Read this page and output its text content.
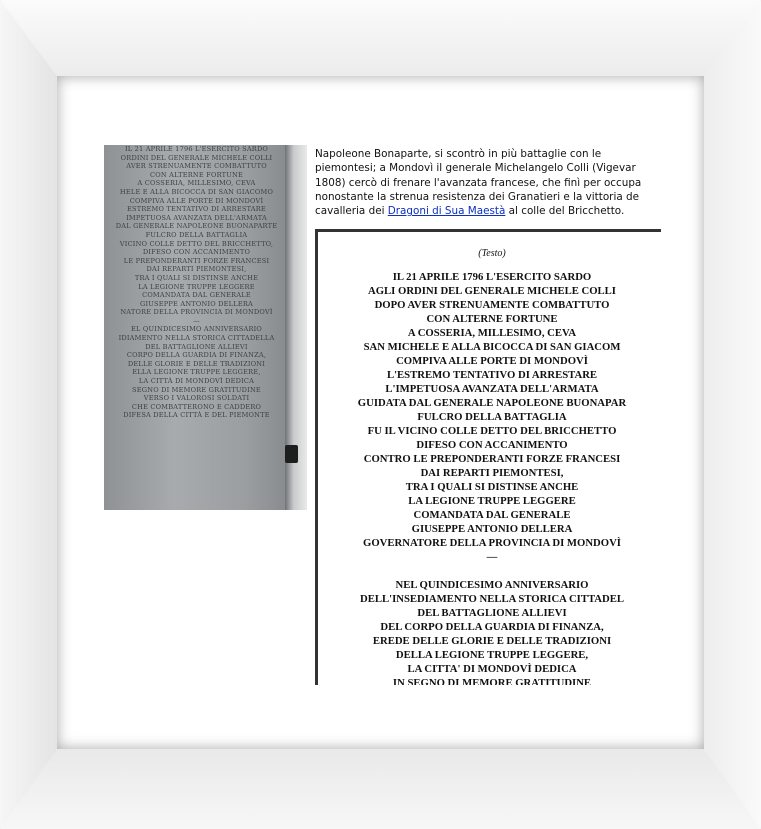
IL 21 APRILE 1796 L'ESERCITO SARDO
ORDINI DEL GENERALE MICHELE COLLI
AVER STRENUAMENTE COMBATTUTO
CON ALTERNE FORTUNE
A COSSERIA, MILLESIMO, CEVA
HELE E ALLA BICOCCA DI SAN GIACOMO
COMPIVA ALLE PORTE DI MONDOVÌ
ESTREMO TENTATIVO DI ARRESTARE
IMPETUOSA AVANZATA DELL'ARMATA
DAL GENERALE NAPOLEONE BUONAPARTE
FULCRO DELLA BATTAGLIA
VICINO COLLE DETTO DEL BRICCHETTO,
DIFESO CON ACCANIMENTO
LE PREPONDERANTI FORZE FRANCESI
DAI REPARTI PIEMONTESI,
TRA I QUALI SI DISTINSE ANCHE
LA LEGIONE TRUPPE LEGGERE
COMANDATA DAL GENERALE
GIUSEPPE ANTONIO DELLERA
NATORE DELLA PROVINCIA DI MONDOVÌ
—
EL QUINDICESIMO ANNIVERSARIO
IDIAMENTO NELLA STORICA CITTADELLA
DEL BATTAGLIONE ALLIEVI
CORPO DELLA GUARDIA DI FINANZA,
DELLE GLORIE E DELLE TRADIZIONI
ELLA LEGIONE TRUPPE LEGGERE,
LA CITTÀ DI MONDOVÌ DEDICA
SEGNO DI MEMORE GRATITUDINE
VERSO I VALOROSI SOLDATI
CHE COMBATTERONO E CADDERO
DIFESA DELLA CITTÀ E DEL PIEMONTE
Napoleone Bonaparte, si scontrò in più battaglie con le
piemontesi; a Mondovì il generale Michelangelo Colli (Vigevar
1808) cercò di frenare l'avanzata francese, che finì per occupa
nonostante la strenua resistenza dei Granatieri e la vittoria de
cavalleria dei Dragoni di Sua Maestà al colle del Bricchetto.
(Testo)
IL 21 APRILE 1796 L'ESERCITO SARDO
AGLI ORDINI DEL GENERALE MICHELE COLLI
DOPO AVER STRENUAMENTE COMBATTUTO
CON ALTERNE FORTUNE
A COSSERIA, MILLESIMO, CEVA
SAN MICHELE E ALLA BICOCCA DI SAN GIACOM
COMPIVA ALLE PORTE DI MONDOVÌ
L'ESTREMO TENTATIVO DI ARRESTARE
L'IMPETUOSA AVANZATA DELL'ARMATA
GUIDATA DAL GENERALE NAPOLEONE BUONAPAR
FULCRO DELLA BATTAGLIA
FU IL VICINO COLLE DETTO DEL BRICCHETTO
DIFESO CON ACCANIMENTO
CONTRO LE PREPONDERANTI FORZE FRANCESI
DAI REPARTI PIEMONTESI,
TRA I QUALI SI DISTINSE ANCHE
LA LEGIONE TRUPPE LEGGERE
COMANDATA DAL GENERALE
GIUSEPPE ANTONIO DELLERA
GOVERNATORE DELLA PROVINCIA DI MONDOVÌ
—
NEL QUINDICESIMO ANNIVERSARIO
DELL'INSEDIAMENTO NELLA STORICA CITTADEL
DEL BATTAGLIONE ALLIEVI
DEL CORPO DELLA GUARDIA DI FINANZA,
EREDE DELLE GLORIE E DELLE TRADIZIONI
DELLA LEGIONE TRUPPE LEGGERE,
LA CITTA' DI MONDOVÌ DEDICA
IN SEGNO DI MEMORE GRATITUDINE
